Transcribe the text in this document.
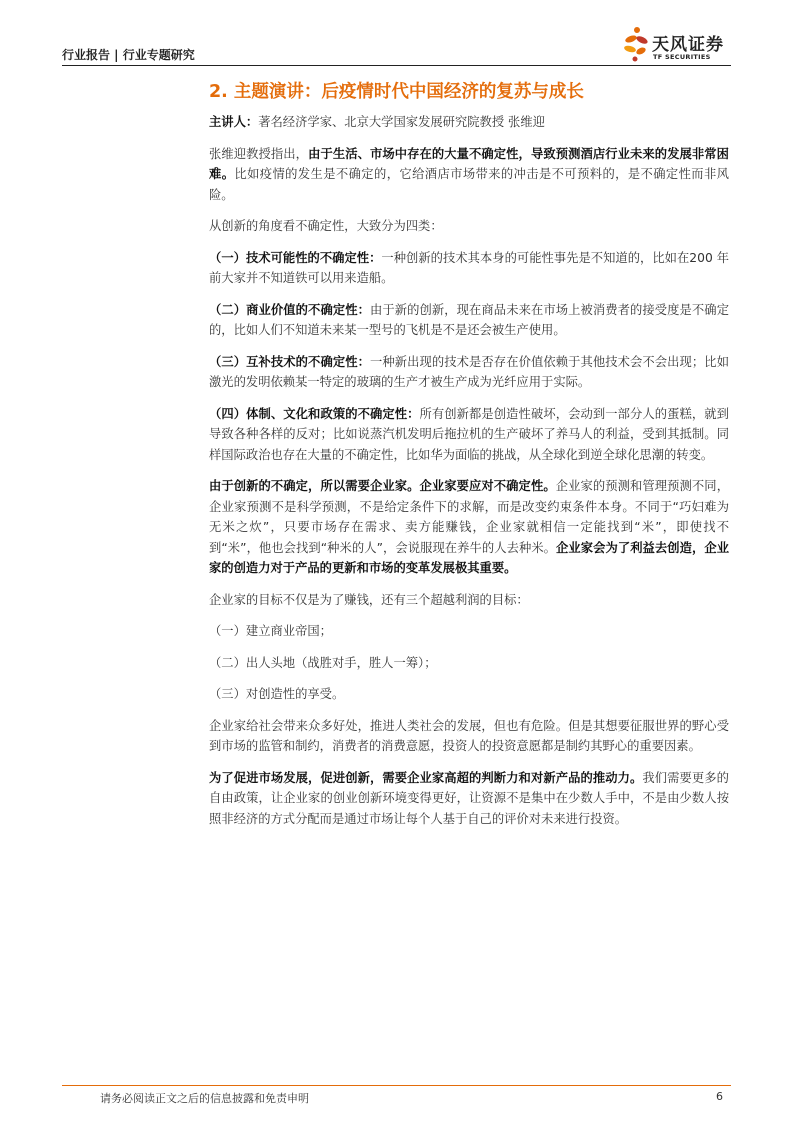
行业报告 | 行业专题研究	天风证券
TF SECURITIES
2. 主题演讲：后疫情时代中国经济的复苏与成长

主讲人：著名经济学家、北京大学国家发展研究院教授 张维迎

张维迎教授指出，由于生活、市场中存在的大量不确定性，导致预测酒店行业未来的发展非常困难。比如疫情的发生是不确定的，它给酒店市场带来的冲击是不可预料的，是不确定性而非风险。

从创新的角度看不确定性，大致分为四类：

（一）技术可能性的不确定性：一种创新的技术其本身的可能性事先是不知道的，比如在200 年前大家并不知道铁可以用来造船。

（二）商业价值的不确定性：由于新的创新，现在商品未来在市场上被消费者的接受度是不确定的，比如人们不知道未来某一型号的飞机是不是还会被生产使用。

（三）互补技术的不确定性：一种新出现的技术是否存在价值依赖于其他技术会不会出现；比如激光的发明依赖某一特定的玻璃的生产才被生产成为光纤应用于实际。

（四）体制、文化和政策的不确定性：所有创新都是创造性破坏，会动到一部分人的蛋糕，就到导致各种各样的反对；比如说蒸汽机发明后拖拉机的生产破坏了养马人的利益，受到其抵制。同样国际政治也存在大量的不确定性，比如华为面临的挑战，从全球化到逆全球化思潮的转变。

由于创新的不确定，所以需要企业家。企业家要应对不确定性。企业家的预测和管理预测不同，企业家预测不是科学预测，不是给定条件下的求解，而是改变约束条件本身。不同于“巧妇难为无米之炊”，只要市场存在需求、卖方能赚钱，企业家就相信一定能找到“米”，即使找不到“米”，他也会找到“种米的人”，会说服现在养牛的人去种米。企业家会为了利益去创造，企业家的创造力对于产品的更新和市场的变革发展极其重要。

企业家的目标不仅是为了赚钱，还有三个超越利润的目标：

（一）建立商业帝国；

（二）出人头地（战胜对手，胜人一筹）；

（三）对创造性的享受。

企业家给社会带来众多好处，推进人类社会的发展，但也有危险。但是其想要征服世界的野心受到市场的监管和制约，消费者的消费意愿，投资人的投资意愿都是制约其野心的重要因素。

为了促进市场发展，促进创新，需要企业家高超的判断力和对新产品的推动力。我们需要更多的自由政策，让企业家的创业创新环境变得更好，让资源不是集中在少数人手中，不是由少数人按照非经济的方式分配而是通过市场让每个人基于自己的评价对未来进行投资。

请务必阅读正文之后的信息披露和免责申明	6
